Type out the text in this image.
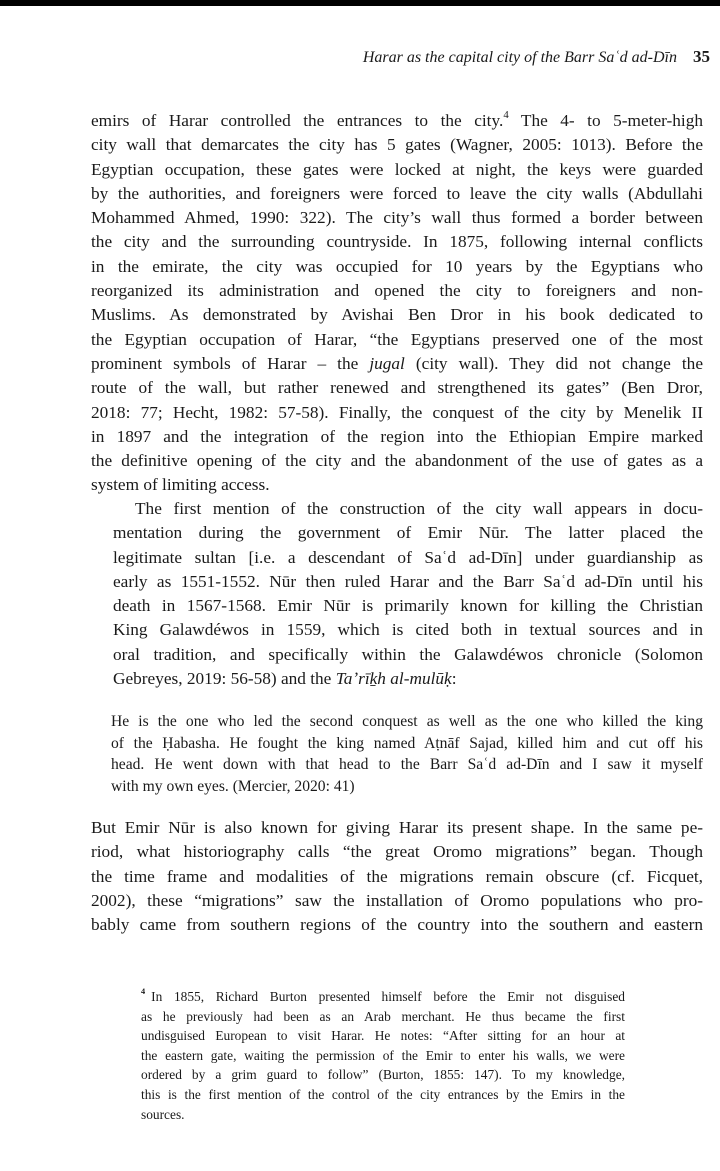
Harar as the capital city of the Barr Saʿd ad-Dīn 35
emirs of Harar controlled the entrances to the city.$^4$ The 4- to 5-meter-high
city wall that demarcates the city has 5 gates (Wagner, 2005: 1013). Before the
Egyptian occupation, these gates were locked at night, the keys were guarded
by the authorities, and foreigners were forced to leave the city walls (Abdullahi
Mohammed Ahmed, 1990: 322). The city’s wall thus formed a border between
the city and the surrounding countryside. In 1875, following internal conflicts
in the emirate, the city was occupied for 10 years by the Egyptians who
reorganized its administration and opened the city to foreigners and non-
Muslims. As demonstrated by Avishai Ben Dror in his book dedicated to
the Egyptian occupation of Harar, “the Egyptians preserved one of the most
prominent symbols of Harar – the jugal (city wall). They did not change the
route of the wall, but rather renewed and strengthened its gates” (Ben Dror,
2018: 77; Hecht, 1982: 57-58). Finally, the conquest of the city by Menelik II
in 1897 and the integration of the region into the Ethiopian Empire marked
the definitive opening of the city and the abandonment of the use of gates as a
system of limiting access.
The first mention of the construction of the city wall appears in docu-
mentation during the government of Emir Nūr. The latter placed the
legitimate sultan [i.e. a descendant of Saʿd ad-Dīn] under guardianship as
early as 1551-1552. Nūr then ruled Harar and the Barr Saʿd ad-Dīn until his
death in 1567-1568. Emir Nūr is primarily known for killing the Christian
King Galawdéwos in 1559, which is cited both in textual sources and in
oral tradition, and specifically within the Galawdéwos chronicle (Solomon
Gebreyes, 2019: 56-58) and the Taʼrīḵh al-mulūḳ:
He is the one who led the second conquest as well as the one who killed the king
of the Ḥabasha. He fought the king named Aṭnāf Sajad, killed him and cut off his
head. He went down with that head to the Barr Saʿd ad-Dīn and I saw it myself
with my own eyes. (Mercier, 2020: 41)
But Emir Nūr is also known for giving Harar its present shape. In the same pe-
riod, what historiography calls “the great Oromo migrations” began. Though
the time frame and modalities of the migrations remain obscure (cf. Ficquet,
2002), these “migrations” saw the installation of Oromo populations who pro-
bably came from southern regions of the country into the southern and eastern
$^4$ In 1855, Richard Burton presented himself before the Emir not disguised
as he previously had been as an Arab merchant. He thus became the first
undisguised European to visit Harar. He notes: “After sitting for an hour at
the eastern gate, waiting the permission of the Emir to enter his walls, we were
ordered by a grim guard to follow” (Burton, 1855: 147). To my knowledge,
this is the first mention of the control of the city entrances by the Emirs in the
sources.
